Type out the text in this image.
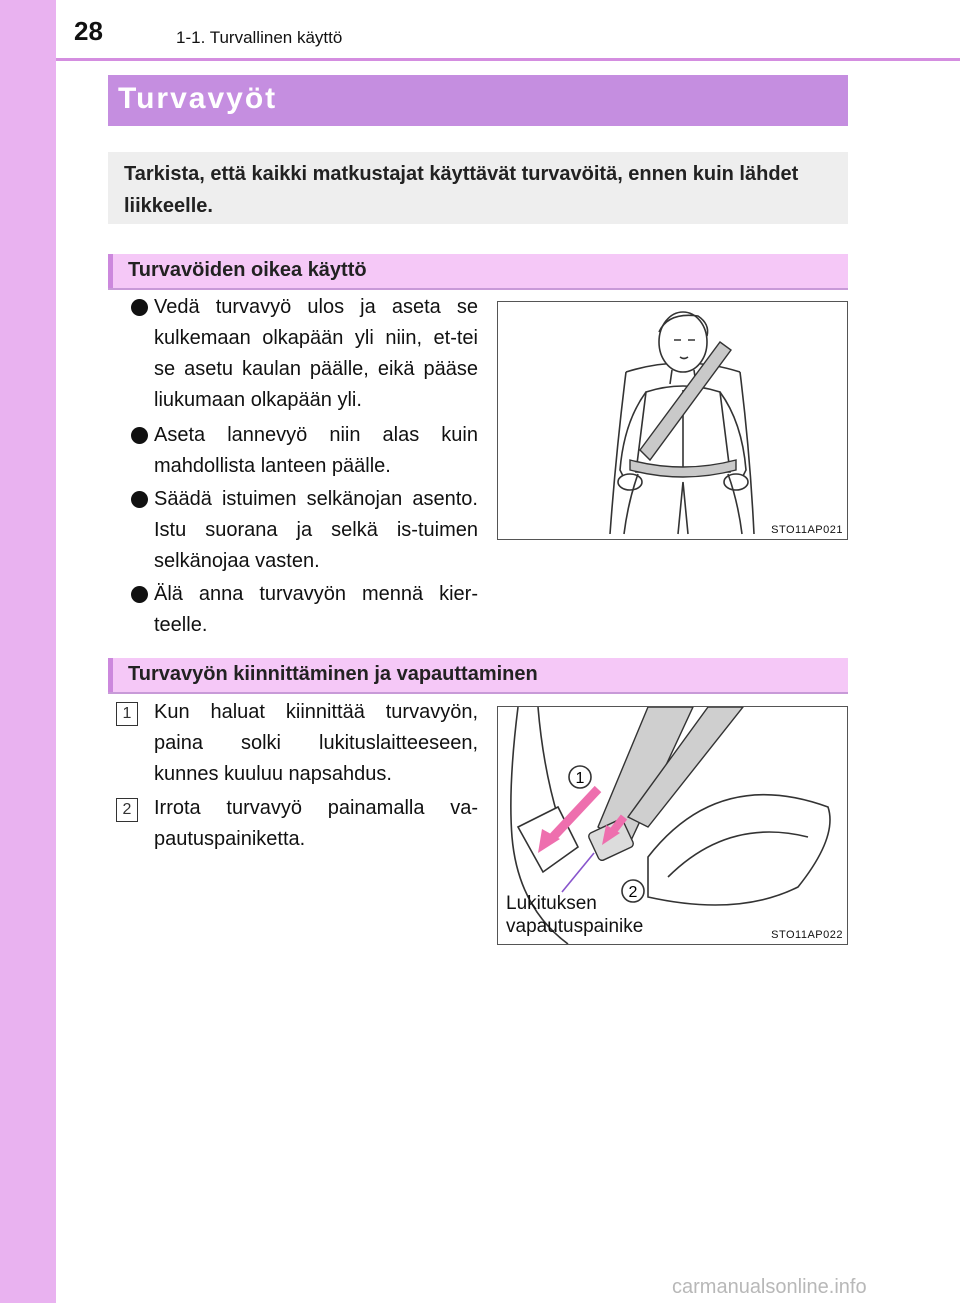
28	1-1. Turvallinen käyttö
Turvavyöt
Tarkista, että kaikki matkustajat käyttävät turvavöitä, ennen kuin lähdet liikkeelle.
Turvavöiden oikea käyttö
Vedä turvavyö ulos ja aseta se kulkemaan olkapään yli niin, et-tei se asetu kaulan päälle, eikä pääse liukumaan olkapään yli.
Aseta lannevyö niin alas kuin mahdollista lanteen päälle.
Säädä istuimen selkänojan asento. Istu suorana ja selkä is-tuimen selkänojaa vasten.
Älä anna turvavyön mennä kier-teelle.
STO11AP021
Turvavyön kiinnittäminen ja vapauttaminen
1	Kun haluat kiinnittää turvavyön, paina solki lukituslaitteeseen, kunnes kuuluu napsahdus.
2	Irrota turvavyö painamalla va-pautuspainiketta.
1
2
Lukituksen
vapautuspainike	STO11AP022
carmanualsonline.info
